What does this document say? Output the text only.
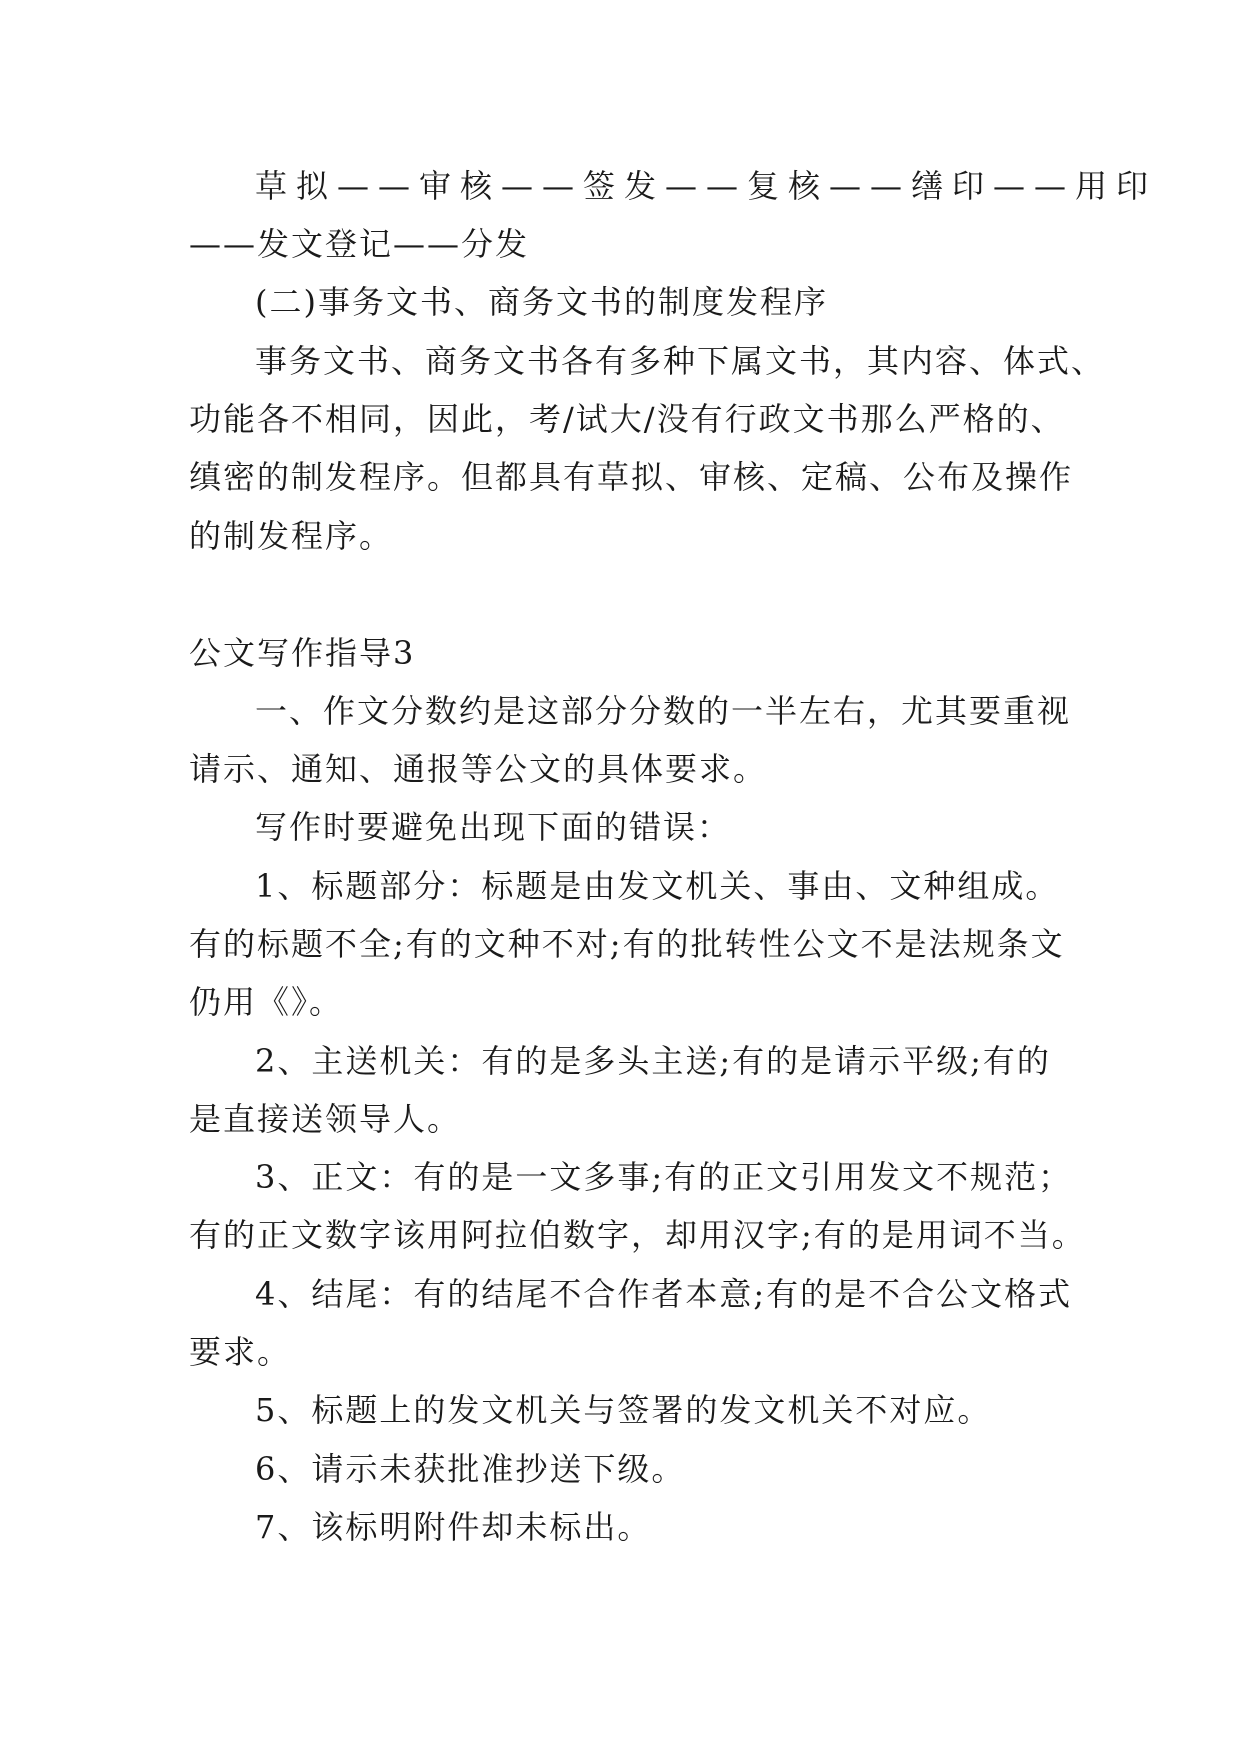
草拟——审核——签发——复核——缮印——用印
——发文登记——分发
(二)事务文书、商务文书的制度发程序
事务文书、商务文书各有多种下属文书，其内容、体式、
功能各不相同，因此，考/试大/没有行政文书那么严格的、
缜密的制发程序。但都具有草拟、审核、定稿、公布及操作
的制发程序。
公文写作指导3
一、作文分数约是这部分分数的一半左右，尤其要重视
请示、通知、通报等公文的具体要求。
写作时要避免出现下面的错误：
1、标题部分：标题是由发文机关、事由、文种组成。
有的标题不全;有的文种不对;有的批转性公文不是法规条文
仍用《》。
2、主送机关：有的是多头主送;有的是请示平级;有的
是直接送领导人。
3、正文：有的是一文多事;有的正文引用发文不规范；
有的正文数字该用阿拉伯数字，却用汉字;有的是用词不当。
4、结尾：有的结尾不合作者本意;有的是不合公文格式
要求。
5、标题上的发文机关与签署的发文机关不对应。
6、请示未获批准抄送下级。
7、该标明附件却未标出。
